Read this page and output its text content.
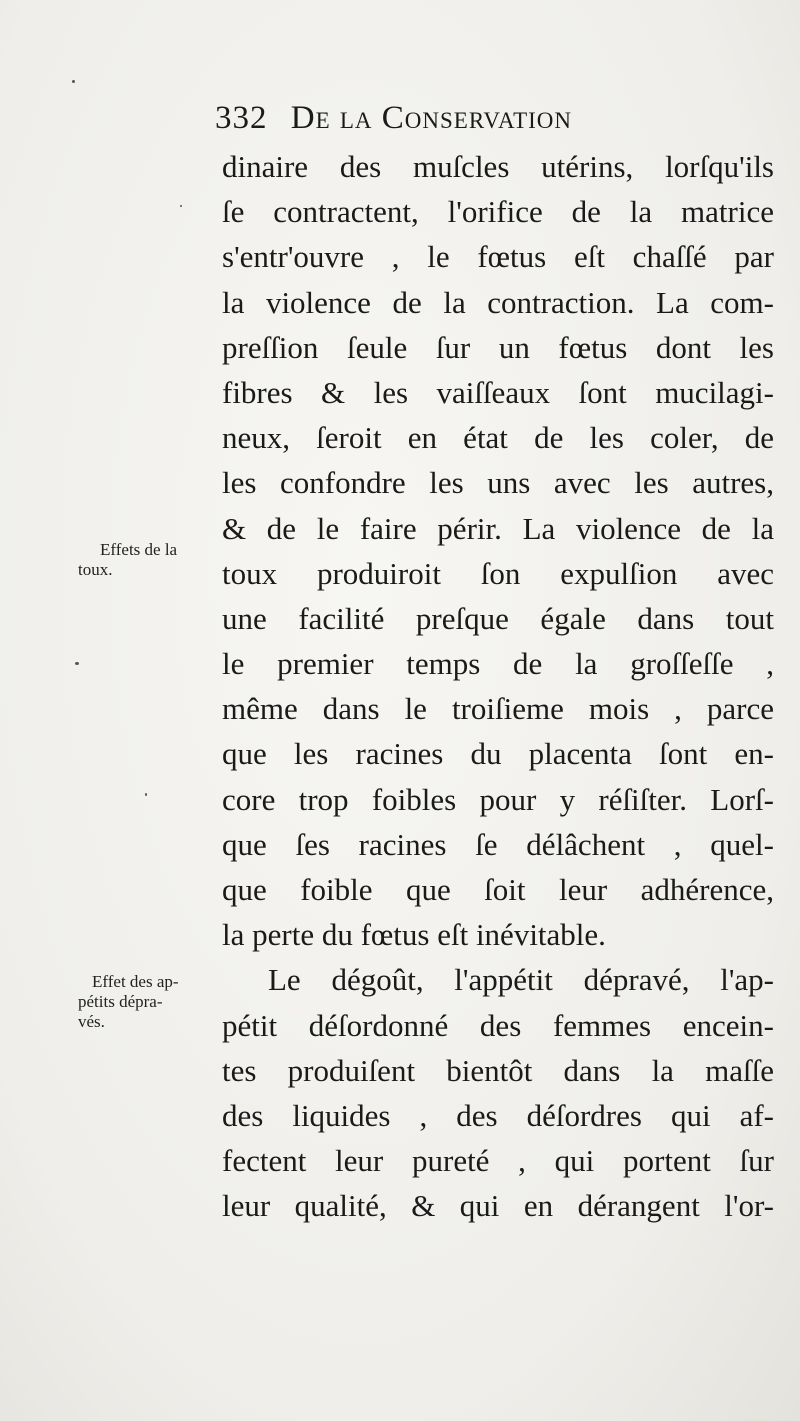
332 De la Conservation
Effets de la
toux.
Effet des ap-
pétits dépra-
vés.
dinaire des muſcles utérins, lorſqu'ils
ſe contractent, l'orifice de la matrice
s'entr'ouvre , le fœtus eſt chaſſé par
la violence de la contraction. La com-
preſſion ſeule ſur un fœtus dont les
fibres & les vaiſſeaux ſont mucilagi-
neux, ſeroit en état de les coler, de
les confondre les uns avec les autres,
& de le faire périr. La violence de la
toux produiroit ſon expulſion avec
une facilité preſque égale dans tout
le premier temps de la groſſeſſe ,
même dans le troiſieme mois , parce
que les racines du placenta ſont en-
core trop foibles pour y réſiſter. Lorſ-
que ſes racines ſe délâchent , quel-
que foible que ſoit leur adhérence,
la perte du fœtus eſt inévitable.
Le dégoût, l'appétit dépravé, l'ap-
pétit déſordonné des femmes encein-
tes produiſent bientôt dans la maſſe
des liquides , des déſordres qui af-
fectent leur pureté , qui portent ſur
leur qualité, & qui en dérangent l'or-
